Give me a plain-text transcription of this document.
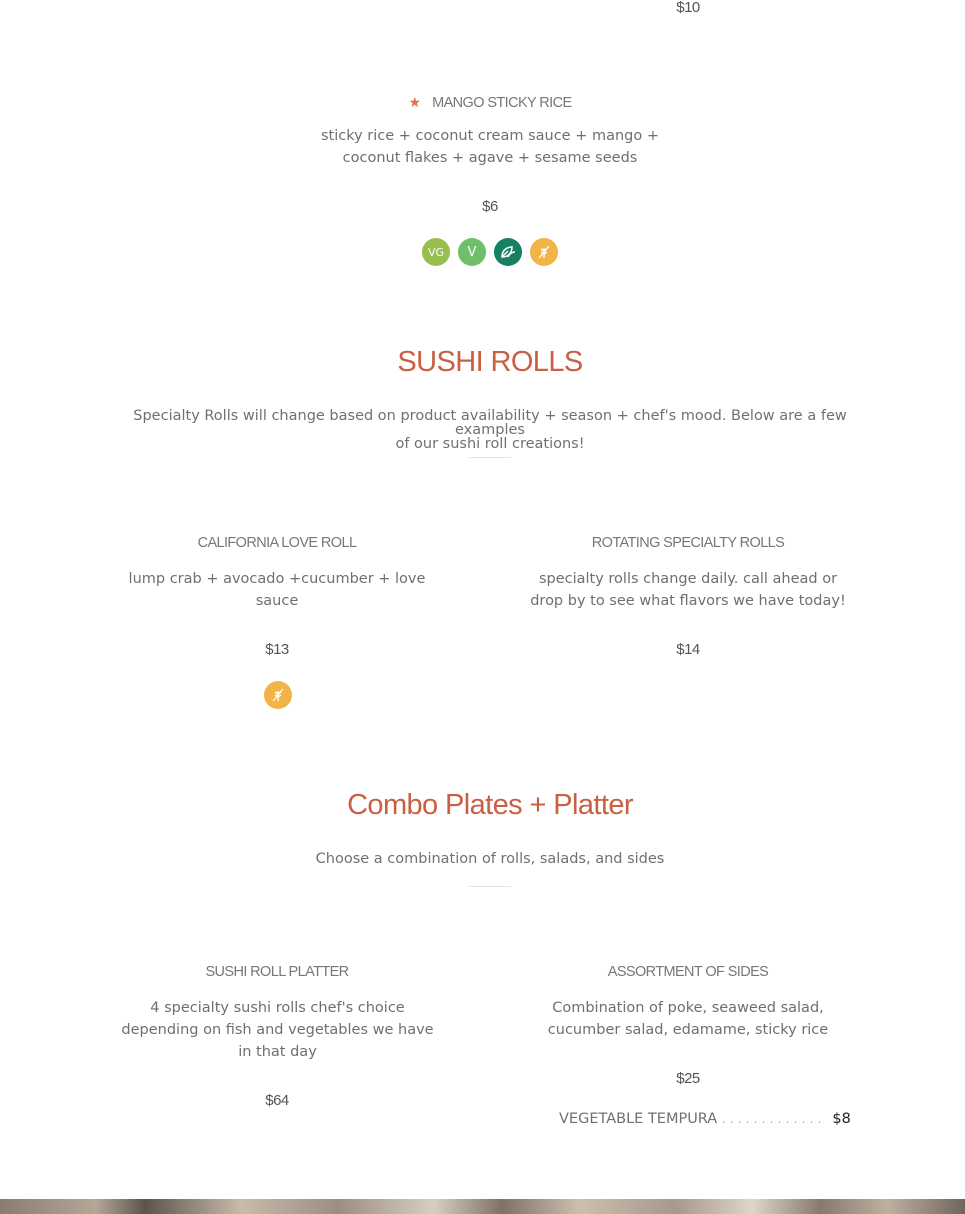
$10
★ MANGO STICKY RICE
sticky rice + coconut cream sauce + mango +
coconut flakes + agave + sesame seeds
$6
VG	V
SUSHI ROLLS
Specialty Rolls will change based on product availability + season + chef's mood. Below are a few examples
of our sushi roll creations!
CALIFORNIA LOVE ROLL
lump crab + avocado +cucumber + love
sauce
$13
ROTATING SPECIALTY ROLLS
specialty rolls change daily. call ahead or
drop by to see what flavors we have today!
$14
Combo Plates + Platter
Choose a combination of rolls, salads, and sides
SUSHI ROLL PLATTER
4 specialty sushi rolls chef's choice
depending on fish and vegetables we have
in that day
$64
ASSORTMENT OF SIDES
Combination of poke, seaweed salad,
cucumber salad, edamame, sticky rice
$25
VEGETABLE TEMPURA . . . . . . . . . . . . . $8
